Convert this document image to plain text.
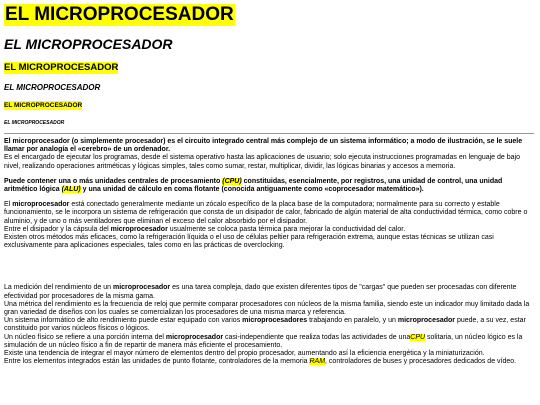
EL MICROPROCESADOR
EL MICROPROCESADOR
EL MICROPROCESADOR
EL MICROPROCESADOR
EL MICROPROCESADOR
EL MICROPROCESADOR

El microprocesador (o simplemente procesador) es el circuito integrado central más complejo de un sistema informático; a modo de ilustración, se le suele llamar por analogía el «cerebro» de un ordenador.
Es el encargado de ejecutar los programas, desde el sistema operativo hasta las aplicaciones de usuario; solo ejecuta instrucciones programadas en lenguaje de bajo nivel, realizando operaciones aritméticas y lógicas simples, tales como sumar, restar, multiplicar, dividir, las lógicas binarias y accesos a memoria.

Puede contener una o más unidades centrales de procesamiento (CPU) constituidas, esencialmente, por registros, una unidad de control, una unidad aritmético lógica (ALU) y una unidad de cálculo en coma flotante (conocida antiguamente como «coprocesador matemático»).

El microprocesador está conectado generalmente mediante un zócalo específico de la placa base de la computadora; normalmente para su correcto y estable funcionamiento, se le incorpora un sistema de refrigeración que consta de un disipador de calor, fabricado de algún material de alta conductividad térmica, como cobre o aluminio, y de uno o más ventiladores que eliminan el exceso del calor absorbido por el disipador.
Entre el disipador y la cápsula del microprocesador usualmente se coloca pasta térmica para mejorar la conductividad del calor.
Existen otros métodos más eficaces, como la refrigeración líquida o el uso de células peltier para refrigeración extrema, aunque estas técnicas se utilizan casi exclusivamente para aplicaciones especiales, tales como en las prácticas de overclocking.

La medición del rendimiento de un microprocesador es una tarea compleja, dado que existen diferentes tipos de "cargas" que pueden ser procesadas con diferente efectividad por procesadores de la misma gama.
Una métrica del rendimiento es la frecuencia de reloj que permite comparar procesadores con núcleos de la misma familia, siendo este un indicador muy limitado dada la gran variedad de diseños con los cuales se comercializan los procesadores de una misma marca y referencia.
Un sistema informático de alto rendimiento puede estar equipado con varios microprocesadores trabajando en paralelo, y un microprocesador puede, a su vez, estar constituido por varios núcleos físicos o lógicos.
Un núcleo físico se refiere a una porción interna del microprocesador casi-independiente que realiza todas las actividades de unaCPU solitaria, un núcleo lógico es la simulación de un núcleo físico a fin de repartir de manera más eficiente el procesamiento.
Existe una tendencia de integrar el mayor número de elementos dentro del propio procesador, aumentando así la eficiencia energética y la miniaturización.
Entre los elementos integrados están las unidades de punto flotante, controladores de la memoria RAM, controladores de buses y procesadores dedicados de vídeo.
